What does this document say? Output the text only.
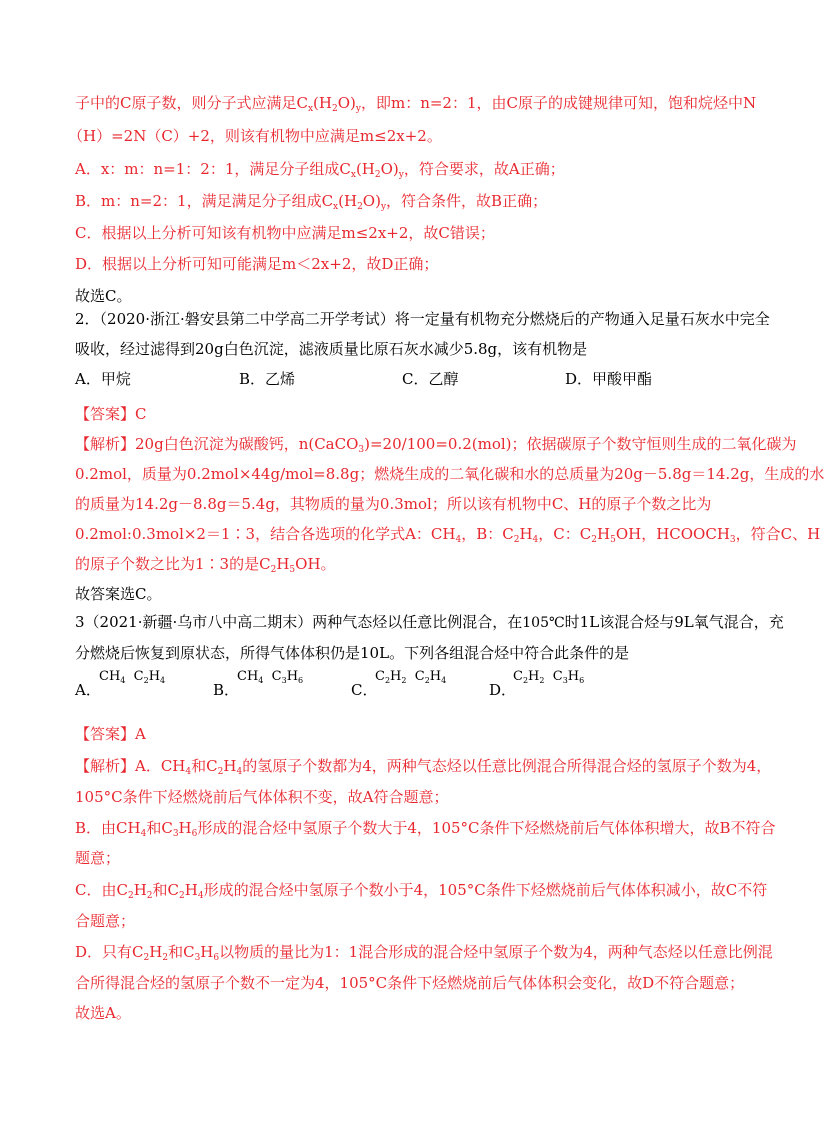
子中的C原子数，则分子式应满足$C_x(H_2O)_y$，即m：n=2：1，由C原子的成键规律可知，饱和烷烃中N
（H）=2N（C）+2，则该有机物中应满足m≤2x+2。
A．x：m：n=1：2：1，满足分子组成$C_x(H_2O)_y$，符合要求，故A正确；
B．m：n=2：1，满足满足分子组成$C_x(H_2O)_y$，符合条件，故B正确；
C．根据以上分析可知该有机物中应满足m≤2x+2，故C错误；
D．根据以上分析可知可能满足m＜2x+2，故D正确；
故选C。
2．（2020·浙江·磐安县第二中学高二开学考试）将一定量有机物充分燃烧后的产物通入足量石灰水中完全
吸收，经过滤得到20g白色沉淀，滤液质量比原石灰水减少5.8g，该有机物是
A．甲烷	B．乙烯	C．乙醇	D．甲酸甲酯
【答案】C
【解析】20g白色沉淀为碳酸钙，n(CaCO$_3$)=20/100=0.2(mol)；依据碳原子个数守恒则生成的二氧化碳为
0.2mol，质量为0.2mol×44g/mol=8.8g；燃烧生成的二氧化碳和水的总质量为20g－5.8g＝14.2g，生成的水
的质量为14.2g－8.8g＝5.4g，其物质的量为0.3mol；所以该有机物中C、H的原子个数之比为
0.2mol:0.3mol×2＝1∶3，结合各选项的化学式A：$CH_4$，B：$C_2H_4$，C：$C_2H_5OH$，$HCOOCH_3$，符合C、H
的原子个数之比为1∶3的是$C_2H_5OH$。
故答案选C。
3（2021·新疆·乌市八中高二期末）两种气态烃以任意比例混合，在105℃时1L该混合烃与9L氧气混合，充
分燃烧后恢复到原状态，所得气体体积仍是10L。下列各组混合烃中符合此条件的是
A．	B．	C．	D．
$CH_4$  $C_2H_4$	$CH_4$  $C_3H_6$	$C_2H_2$  $C_2H_4$	$C_2H_2$  $C_3H_6$
【答案】A
【解析】A．$CH_4$和$C_2H_4$的氢原子个数都为4，两种气态烃以任意比例混合所得混合烃的氢原子个数为4，
105°C条件下烃燃烧前后气体体积不变，故A符合题意；
B．由$CH_4$和$C_3H_6$形成的混合烃中氢原子个数大于4，105°C条件下烃燃烧前后气体体积增大，故B不符合
题意；
C．由$C_2H_2$和$C_2H_4$形成的混合烃中氢原子个数小于4，105°C条件下烃燃烧前后气体体积减小，故C不符
合题意；
D．只有$C_2H_2$和$C_3H_6$以物质的量比为1：1混合形成的混合烃中氢原子个数为4，两种气态烃以任意比例混
合所得混合烃的氢原子个数不一定为4，105°C条件下烃燃烧前后气体体积会变化，故D不符合题意；
故选A。
